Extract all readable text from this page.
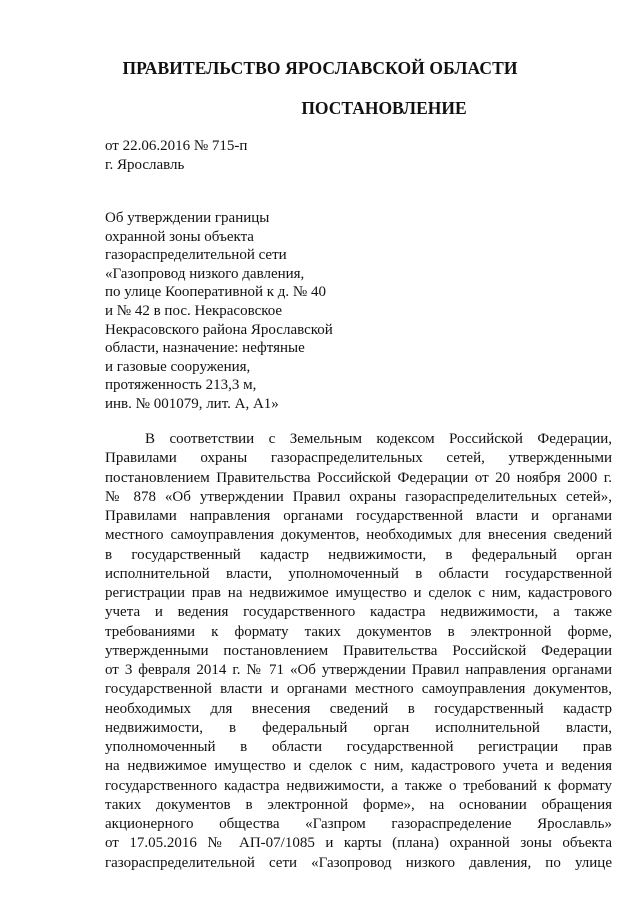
ПРАВИТЕЛЬСТВО ЯРОСЛАВСКОЙ ОБЛАСТИ
ПОСТАНОВЛЕНИЕ
от 22.06.2016 № 715-п
г. Ярославль
Об утверждении границы
охранной зоны объекта
газораспределительной сети
«Газопровод низкого давления,
по улице Кооперативной к д. № 40
и № 42 в пос. Некрасовское
Некрасовского района Ярославской
области, назначение: нефтяные
и газовые сооружения,
протяженность 213,3 м,
инв. № 001079, лит. А, А1»
В соответствии с Земельным кодексом Российской Федерации,
Правилами охраны газораспределительных сетей, утвержденными
постановлением Правительства Российской Федерации от 20 ноября 2000 г.
№ 878 «Об утверждении Правил охраны газораспределительных сетей»,
Правилами направления органами государственной власти и органами
местного самоуправления документов, необходимых для внесения сведений
в государственный кадастр недвижимости, в федеральный орган
исполнительной власти, уполномоченный в области государственной
регистрации прав на недвижимое имущество и сделок с ним, кадастрового
учета и ведения государственного кадастра недвижимости, а также
требованиями к формату таких документов в электронной форме,
утвержденными постановлением Правительства Российской Федерации
от 3 февраля 2014 г. № 71 «Об утверждении Правил направления органами
государственной власти и органами местного самоуправления документов,
необходимых для внесения сведений в государственный кадастр
недвижимости, в федеральный орган исполнительной власти,
уполномоченный в области государственной регистрации прав
на недвижимое имущество и сделок с ним, кадастрового учета и ведения
государственного кадастра недвижимости, а также о требований к формату
таких документов в электронной форме», на основании обращения
акционерного общества «Газпром газораспределение Ярославль»
от 17.05.2016 № АП-07/1085 и карты (плана) охранной зоны объекта
газораспределительной сети «Газопровод низкого давления, по улице
